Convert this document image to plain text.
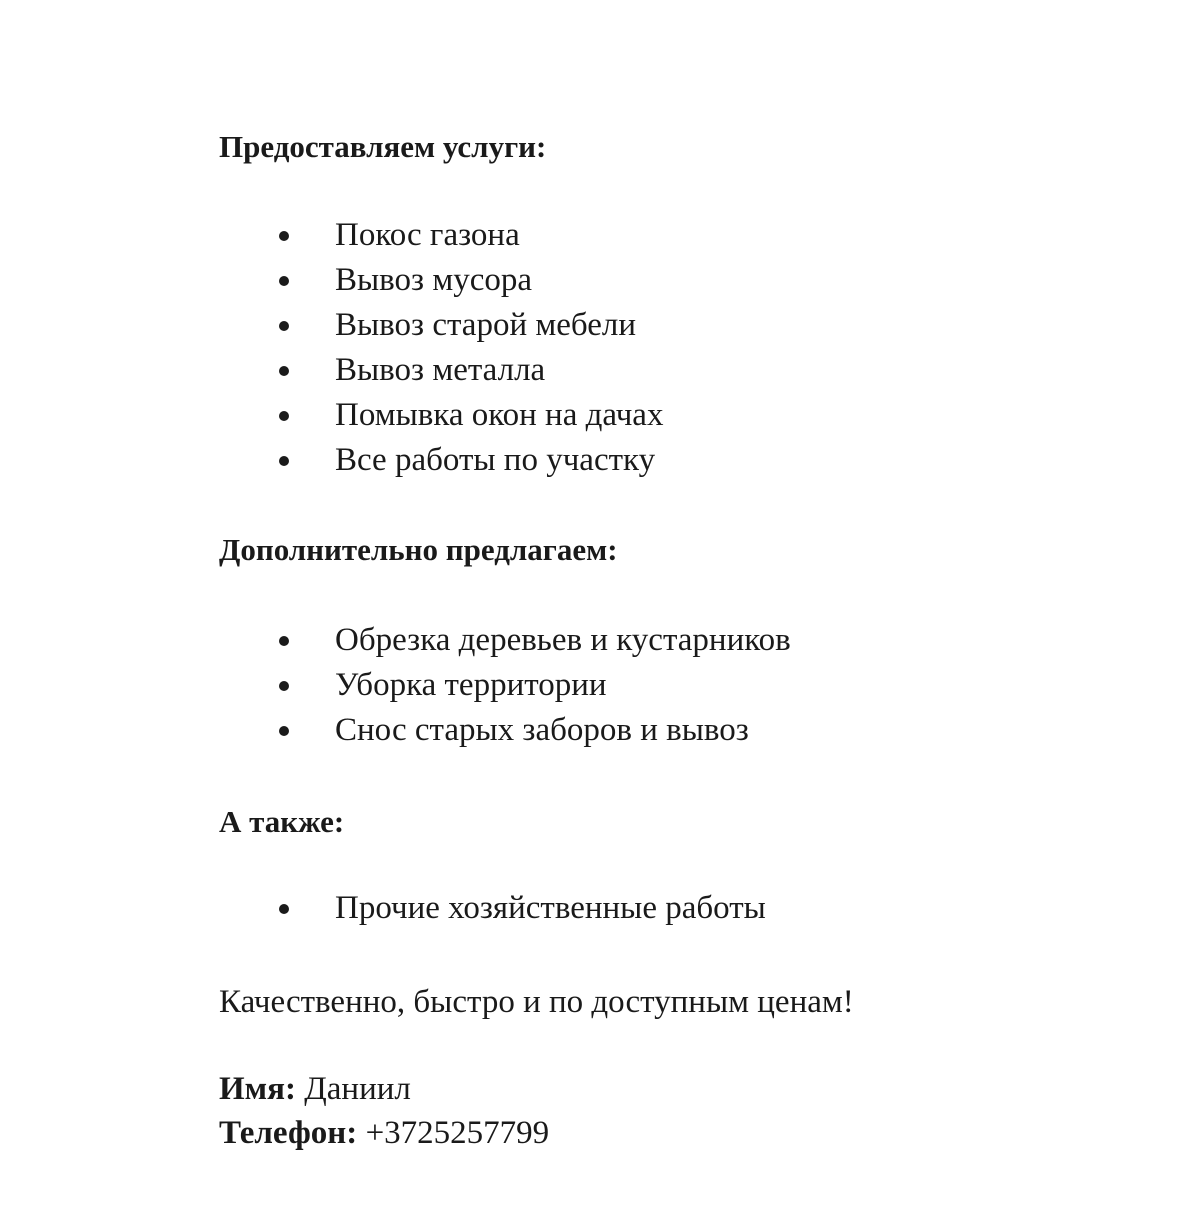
Предоставляем услуги:
Покос газона
Вывоз мусора
Вывоз старой мебели
Вывоз металла
Помывка окон на дачах
Все работы по участку
Дополнительно предлагаем:
Обрезка деревьев и кустарников
Уборка территории
Снос старых заборов и вывоз
А также:
Прочие хозяйственные работы

Качественно, быстро и по доступным ценам!

Имя: Даниил

Телефон: +3725257799
